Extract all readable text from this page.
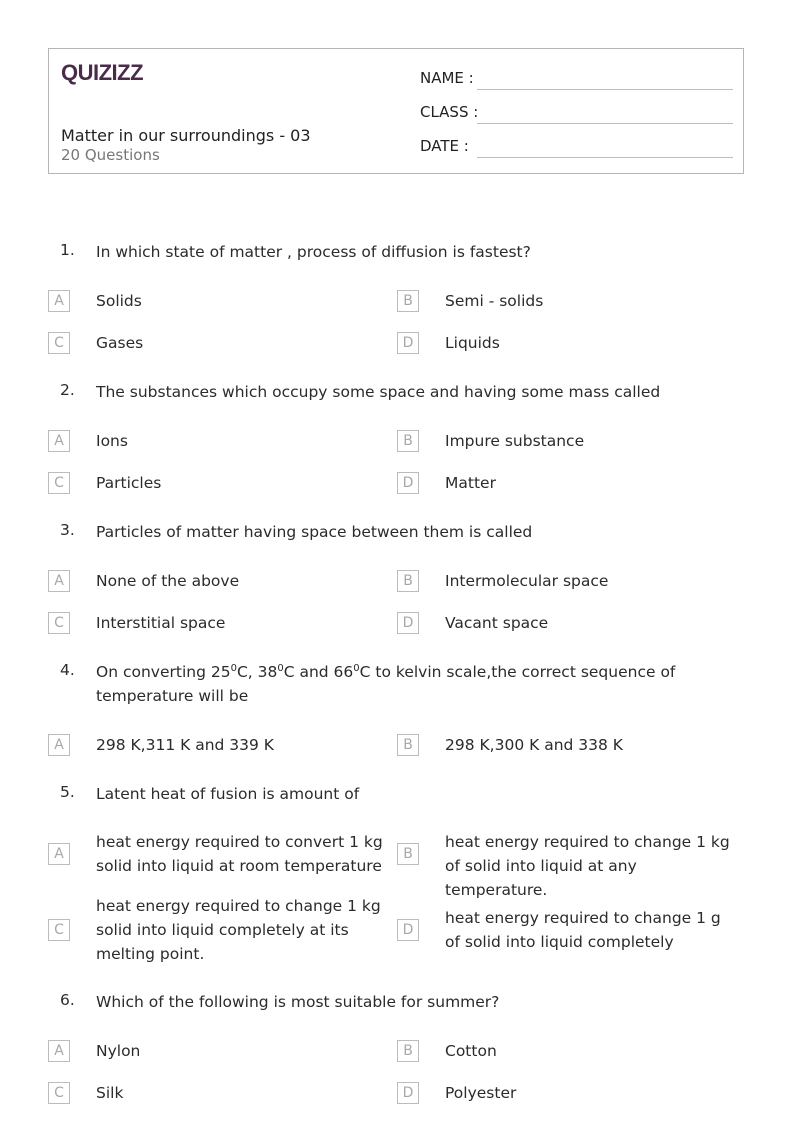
QUIZIZZ
Matter in our surroundings - 03
20 Questions
NAME :
CLASS :
DATE :
1.	In which state of matter , process of diffusion is fastest?
A	Solids	B	Semi - solids
C	Gases	D	Liquids
2.	The substances which occupy some space and having some mass called
A	Ions	B	Impure substance
C	Particles	D	Matter
3.	Particles of matter having space between them is called
A	None of the above	B	Intermolecular space
C	Interstitial space	D	Vacant space
4.	On converting $25^0C$, $38^0C$ and $66^0C$ to kelvin scale,the correct sequence of temperature will be
A	298 K,311 K and 339 K	B	298 K,300 K and 338 K
5.	Latent heat of fusion is amount of
A
heat energy required to convert 1 kg solid into liquid at room temperature
B
heat energy required to change 1 kg of solid into liquid at any temperature.
C
heat energy required to change 1 kg solid into liquid completely at its melting point.
D
heat energy required to change 1 g of solid into liquid completely
6.	Which of the following is most suitable for summer?
A	Nylon	B	Cotton
C	Silk	D	Polyester
